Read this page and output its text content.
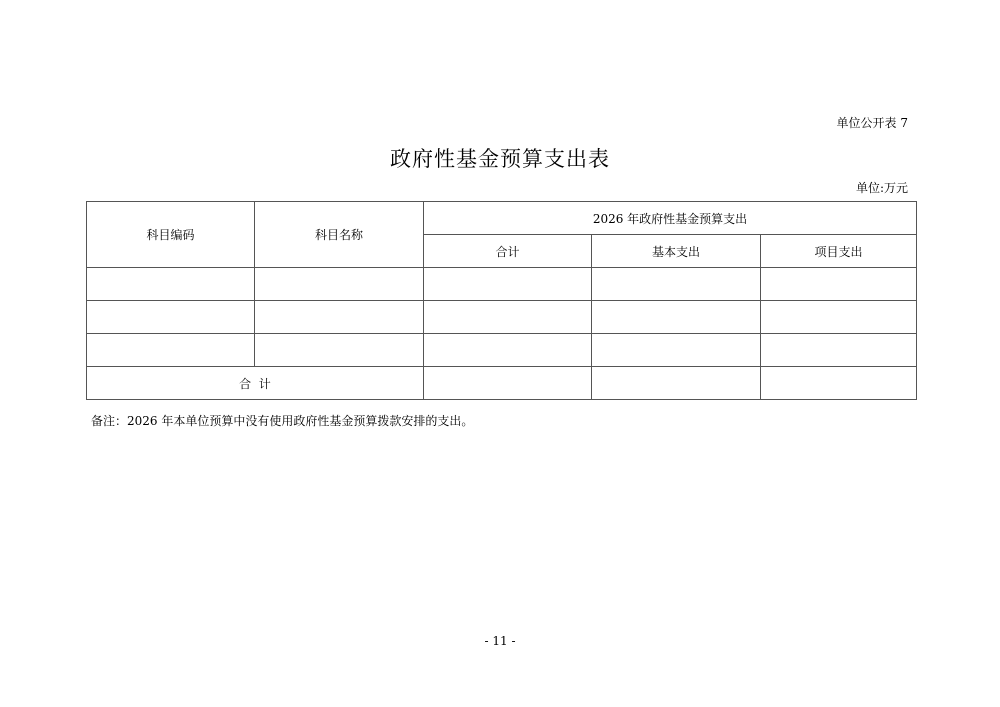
单位公开表 7
政府性基金预算支出表
单位:万元
科目编码	科目名称	2026 年政府性基金预算支出		
		合计	基本支出	项目支出

合  计				
备注：2026 年本单位预算中没有使用政府性基金预算拨款安排的支出。
- 11 -
